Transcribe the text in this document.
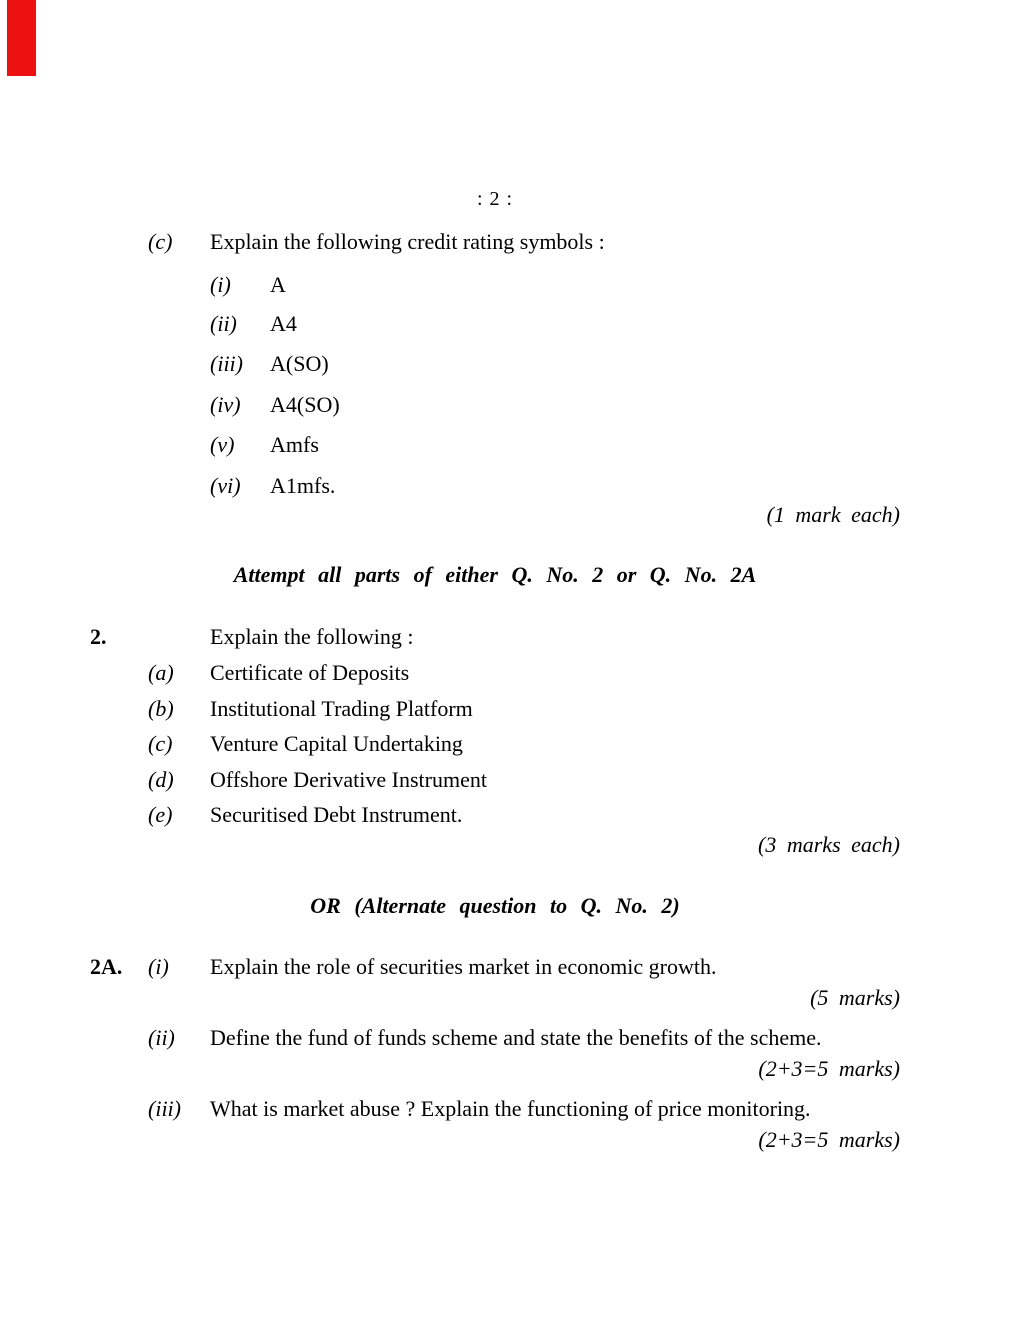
: 2 :
(c) Explain the following credit rating symbols :
(i) A
(ii) A4
(iii) A(SO)
(iv) A4(SO)
(v) Amfs
(vi) A1mfs.
(1 mark each)
Attempt all parts of either Q. No. 2 or Q. No. 2A
2.	Explain the following :
(a) Certificate of Deposits
(b) Institutional Trading Platform
(c) Venture Capital Undertaking
(d) Offshore Derivative Instrument
(e) Securitised Debt Instrument.
(3 marks each)
OR (Alternate question to Q. No. 2)
2A. (i) Explain the role of securities market in economic growth.
(5 marks)
(ii) Define the fund of funds scheme and state the benefits of the scheme.
(2+3=5 marks)
(iii) What is market abuse ? Explain the functioning of price monitoring.
(2+3=5 marks)
